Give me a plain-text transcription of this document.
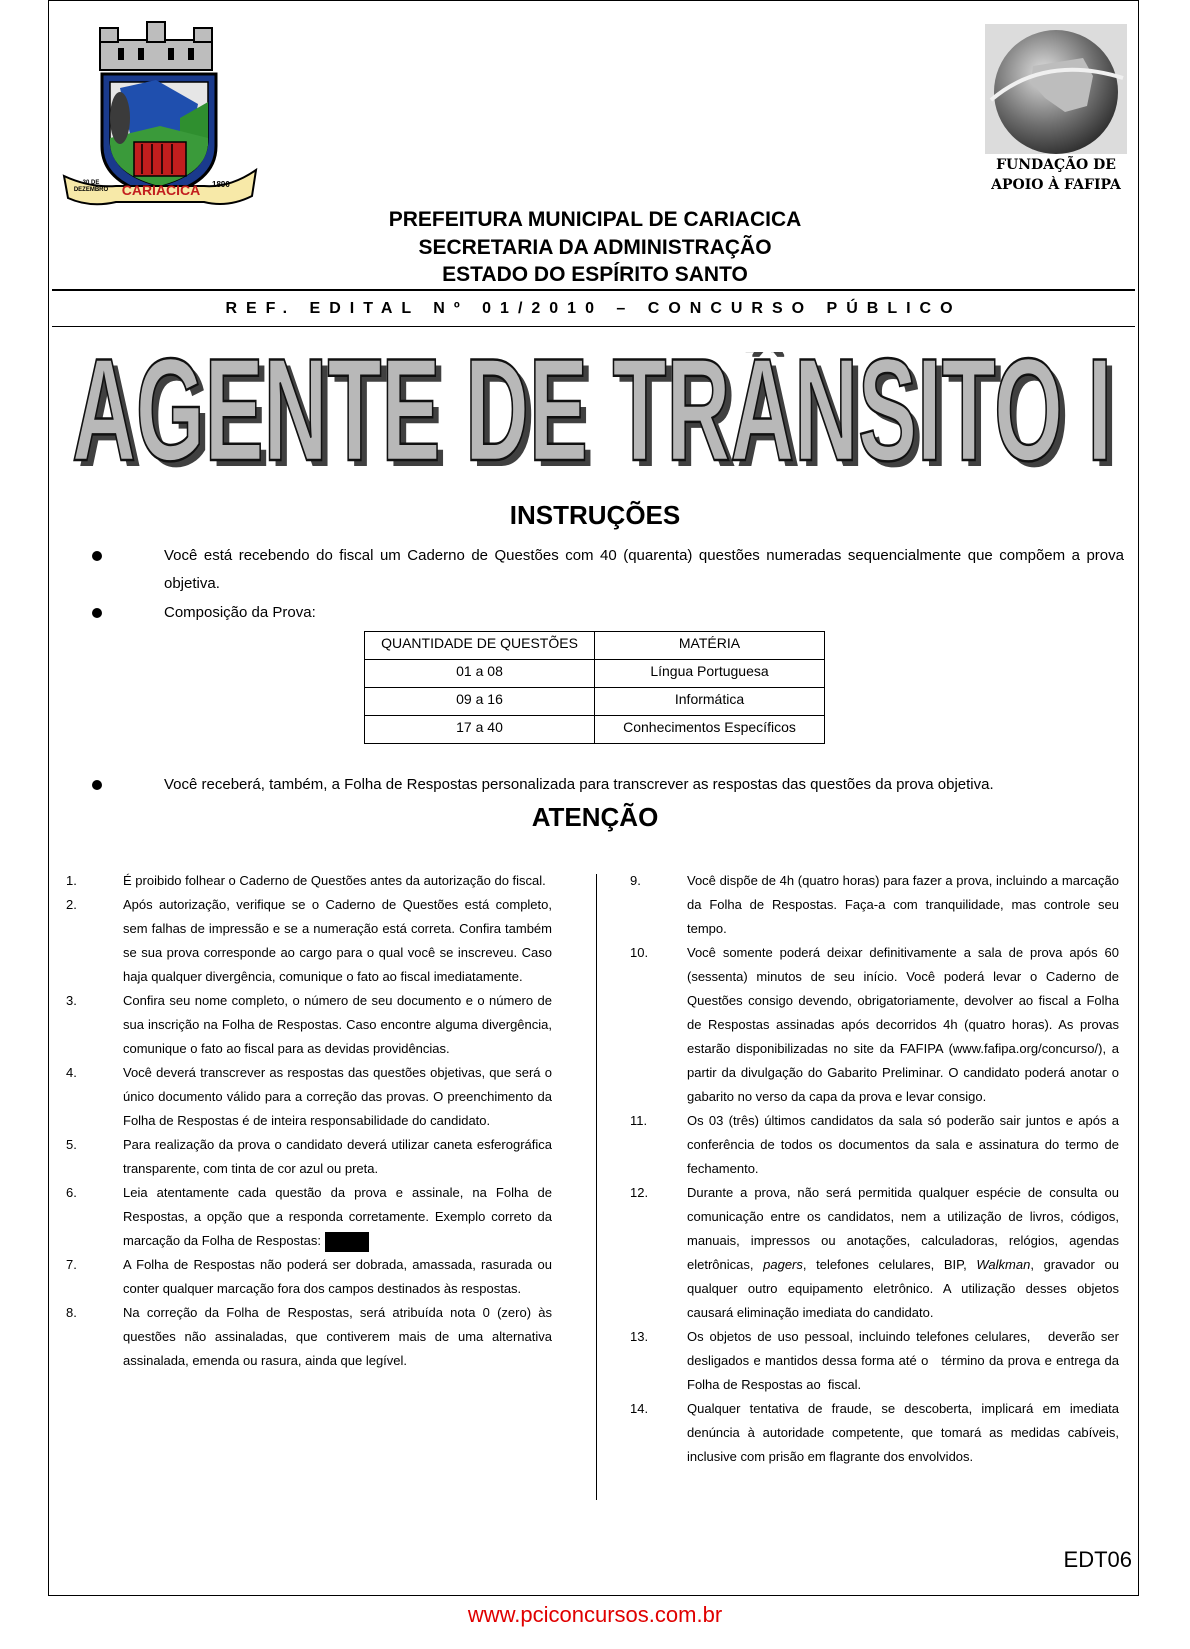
CARIACICA	1890
30 DE DEZEMBRO
FUNDAÇÃO DE
APOIO À FAFIPA
PREFEITURA MUNICIPAL DE CARIACICA
SECRETARIA DA ADMINISTRAÇÃO
ESTADO DO ESPÍRITO SANTO
REF. EDITAL Nº 01/2010 – CONCURSO PÚBLICO
AGENTE DE TRÂNSITO I
AGENTE DE TRÂNSITO I
INSTRUÇÕES
Você está recebendo do fiscal um Caderno de Questões com 40 (quarenta) questões numeradas sequencialmente que compõem a prova objetiva.
Composição da Prova:
QUANTIDADE DE QUESTÕES	MATÉRIA
01 a 08	Língua Portuguesa
09 a 16	Informática
17 a 40	Conhecimentos Específicos
Você receberá, também, a Folha de Respostas personalizada para transcrever as respostas das questões da prova objetiva.
ATENÇÃO
1.	É proibido folhear o Caderno de Questões antes da autorização do fiscal.
2.	Após autorização, verifique se o Caderno de Questões está completo, sem falhas de impressão e se a numeração está correta. Confira também se sua prova corresponde ao cargo para o qual você se inscreveu. Caso haja qualquer divergência, comunique o fato ao fiscal imediatamente.
3.	Confira seu nome completo, o número de seu documento e o número de sua inscrição na Folha de Respostas. Caso encontre alguma divergência, comunique o fato ao fiscal para as devidas providências.
4.	Você deverá transcrever as respostas das questões objetivas, que será o único documento válido para a correção das provas. O preenchimento da Folha de Respostas é de inteira responsabilidade do candidato.
5.	Para realização da prova o candidato deverá utilizar caneta esferográfica transparente, com tinta de cor azul ou preta.
6.	Leia atentamente cada questão da prova e assinale, na Folha de Respostas, a opção que a responda corretamente. Exemplo correto da marcação da Folha de Respostas:
7.	A Folha de Respostas não poderá ser dobrada, amassada, rasurada ou conter qualquer marcação fora dos campos destinados às respostas.
8.	Na correção da Folha de Respostas, será atribuída nota 0 (zero) às questões não assinaladas, que contiverem mais de uma alternativa assinalada, emenda ou rasura, ainda que legível.
9.	Você dispõe de 4h (quatro horas) para fazer a prova, incluindo a marcação da Folha de Respostas. Faça-a com tranquilidade, mas controle seu tempo.
10.	Você somente poderá deixar definitivamente a sala de prova após 60 (sessenta) minutos de seu início. Você poderá levar o Caderno de Questões consigo devendo, obrigatoriamente, devolver ao fiscal a Folha de Respostas assinadas após decorridos 4h (quatro horas). As provas estarão disponibilizadas no site da FAFIPA (www.fafipa.org/concurso/), a partir da divulgação do Gabarito Preliminar. O candidato poderá anotar o gabarito no verso da capa da prova e levar consigo.
11.	Os 03 (três) últimos candidatos da sala só poderão sair juntos e após a conferência de todos os documentos da sala e assinatura do termo de fechamento.
12.	Durante a prova, não será permitida qualquer espécie de consulta ou comunicação entre os candidatos, nem a utilização de livros, códigos, manuais, impressos ou anotações, calculadoras, relógios, agendas eletrônicas, pagers, telefones celulares, BIP, Walkman, gravador ou qualquer outro equipamento eletrônico. A utilização desses objetos causará eliminação imediata do candidato.
13.	Os objetos de uso pessoal, incluindo telefones celulares,   deverão ser desligados e mantidos dessa forma até o   término da prova e entrega da Folha de Respostas ao  fiscal.
14.	Qualquer tentativa de fraude, se descoberta, implicará em imediata denúncia à autoridade competente, que tomará as medidas cabíveis, inclusive com prisão em flagrante dos envolvidos.
EDT06
www.pciconcursos.com.br
